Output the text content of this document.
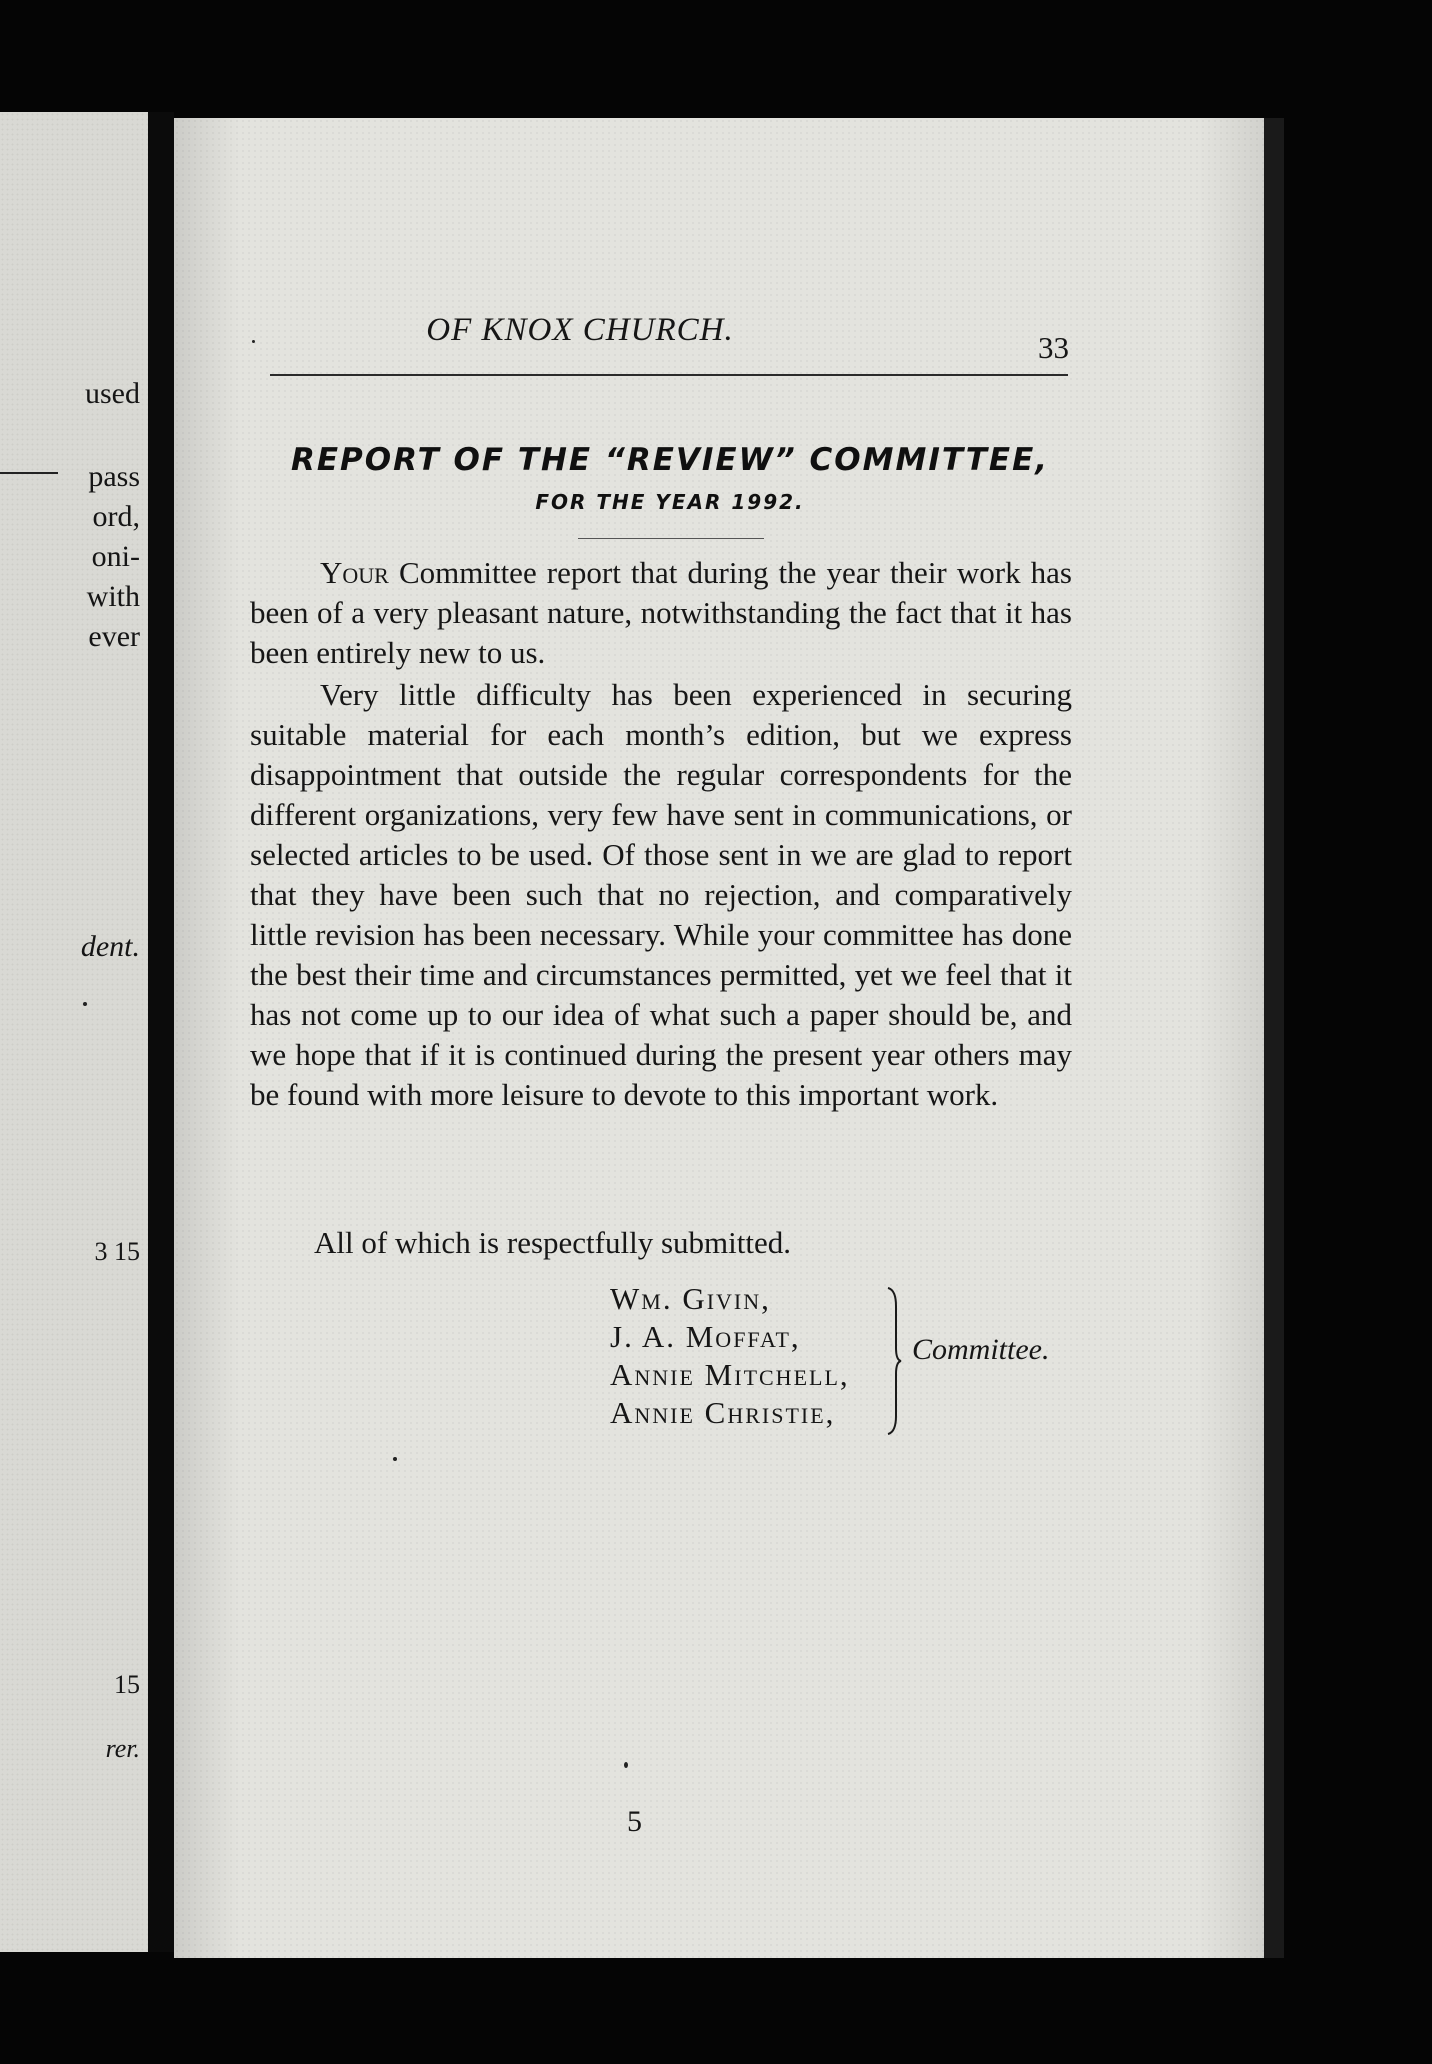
used
pass
ord,
oni-
with
ever
dent.
3 15
15
rer.
OF KNOX CHURCH.	33
REPORT OF THE “REVIEW” COMMITTEE,
FOR THE YEAR 1992.

Your Committee report that during the year their work has been of a very pleasant nature, notwithstanding the fact that it has been entirely new to us.

Very little difficulty has been experienced in securing suitable material for each month’s edition, but we express disappointment that outside the regular correspondents for the different organizations, very few have sent in communications, or selected articles to be used. Of those sent in we are glad to report that they have been such that no rejection, and comparatively little revision has been necessary. While your committee has done the best their time and circumstances permitted, yet we feel that it has not come up to our idea of what such a paper should be, and we hope that if it is continued during the present year others may be found with more leisure to devote to this important work.

All of which is respectfully submitted.
Wm. Givin,
J. A. Moffat,
Annie Mitchell,
Annie Christie,
Committee.
5
